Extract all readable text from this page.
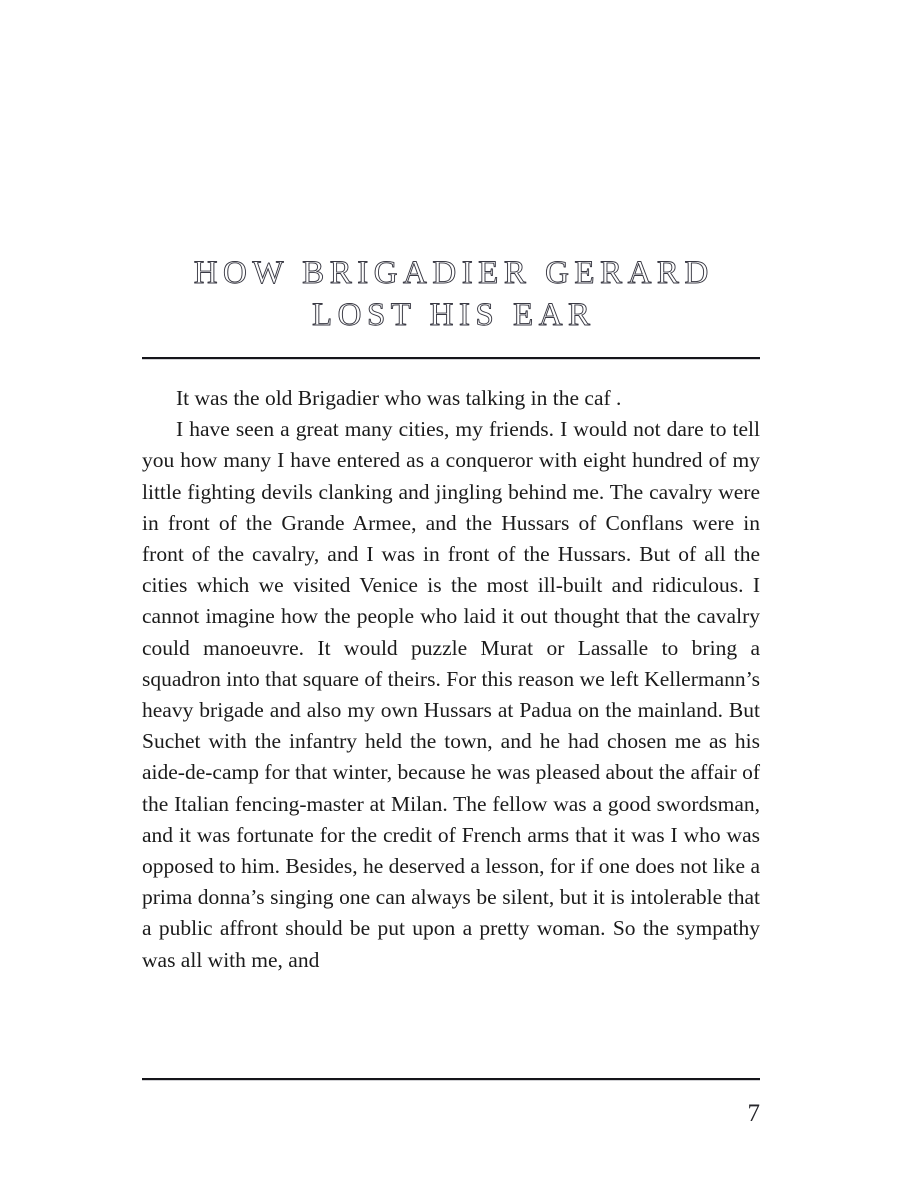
HOW BRIGADIER GERARD
LOST HIS EAR

It was the old Brigadier who was talking in the caf .

I have seen a great many cities, my friends. I would not dare to tell you how many I have entered as a conqueror with eight hundred of my little fighting devils clanking and jingling behind me. The cavalry were in front of the Grande Armee, and the Hussars of Conflans were in front of the cavalry, and I was in front of the Hussars. But of all the cities which we visited Venice is the most ill-built and ridiculous. I cannot imagine how the people who laid it out thought that the cavalry could manoeuvre. It would puzzle Murat or Lassalle to bring a squadron into that square of theirs. For this reason we left Kellermann’s heavy brigade and also my own Hussars at Padua on the mainland. But Suchet with the infantry held the town, and he had chosen me as his aide-de-camp for that winter, because he was pleased about the affair of the Italian fencing-master at Milan. The fellow was a good swordsman, and it was fortunate for the credit of French arms that it was I who was opposed to him. Besides, he deserved a lesson, for if one does not like a prima donna’s singing one can always be silent, but it is intolerable that a public affront should be put upon a pretty woman. So the sympathy was all with me, and

7
